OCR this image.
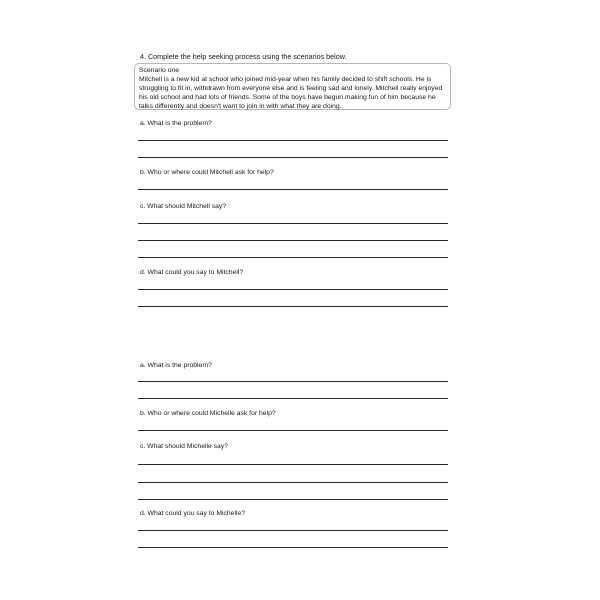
4. Complete the help seeking process using the scenarios below.
Scenario one

Mitchell is a new kid at school who joined mid-year when his family decided to shift schools. He is struggling to fit in, withdrawn from everyone else and is feeling sad and lonely. Mitchell really enjoyed his old school and had lots of friends. Some of the boys have begun making fun of him because he talks differently and doesn't want to join in with what they are doing.

a. What is the problem?
b. Who or where could Mitchell ask for help?
c. What should Mitchell say?
d. What could you say to Mitchell?
a. What is the problem?
b. Who or where could Michelle ask for help?
c. What should Michelle say?
d. What could you say to Michelle?
